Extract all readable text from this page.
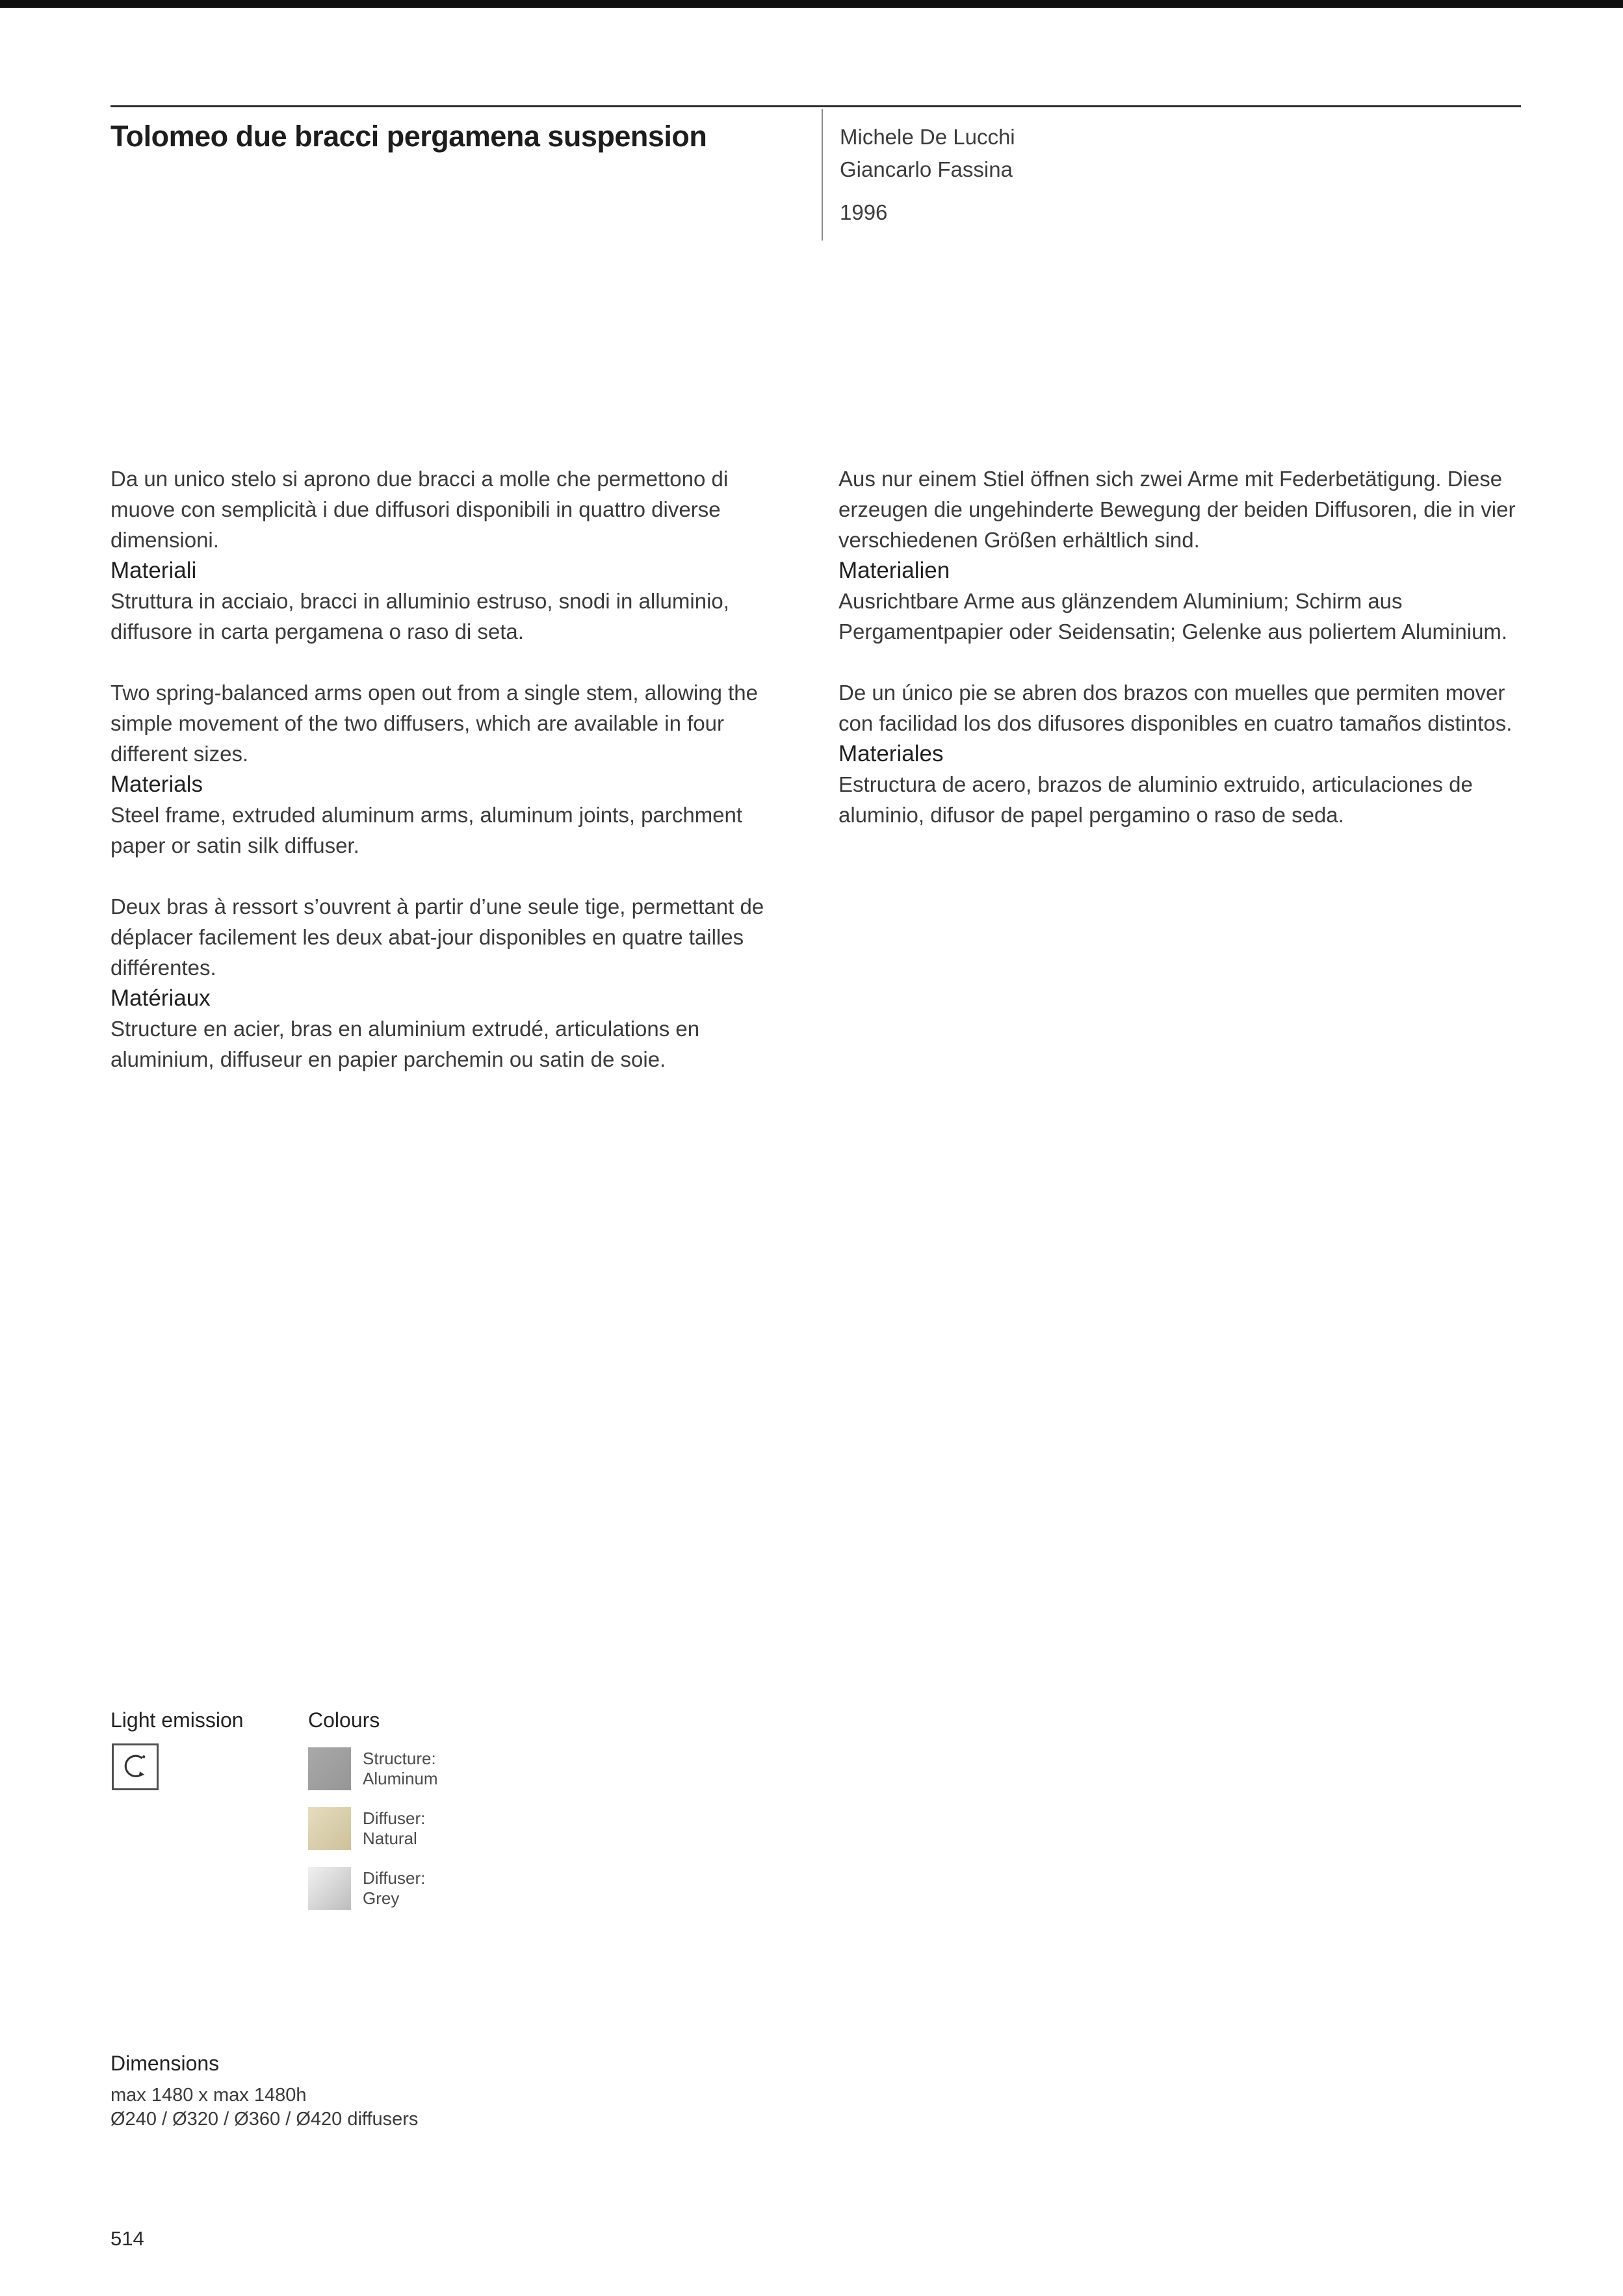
Tolomeo due bracci pergamena suspension	Michele De Lucchi
Giancarlo Fassina
1996

Da un unico stelo si aprono due bracci a molle che permettono di muove con semplicità i due diffusori disponibili in quattro diverse dimensioni.

Materiali

Struttura in acciaio, bracci in alluminio estruso, snodi in alluminio, diffusore in carta pergamena o raso di seta.

Two spring-balanced arms open out from a single stem, allowing the simple movement of the two diffusers, which are available in four different sizes.

Materials

Steel frame, extruded aluminum arms, aluminum joints, parchment paper or satin silk diffuser.

Deux bras à ressort s’ouvrent à partir d’une seule tige, permettant de déplacer facilement les deux abat-jour disponibles en quatre tailles différentes.

Matériaux

Structure en acier, bras en aluminium extrudé, articulations en aluminium, diffuseur en papier parchemin ou satin de soie.

Aus nur einem Stiel öffnen sich zwei Arme mit Federbetätigung. Diese erzeugen die ungehinderte Bewegung der beiden Diffusoren, die in vier verschiedenen Größen erhältlich sind.

Materialien

Ausrichtbare Arme aus glänzendem Aluminium; Schirm aus Pergamentpapier oder Seidensatin; Gelenke aus poliertem Aluminium.

De un único pie se abren dos brazos con muelles que permiten mover con facilidad los dos difusores disponibles en cuatro tamaños distintos.

Materiales

Estructura de acero, brazos de aluminio extruido, articulaciones de aluminio, difusor de papel pergamino o raso de seda.

Light emission	Colours
Structure:
Aluminum
Diffuser:
Natural
Diffuser:
Grey

Dimensions

max 1480 x max 1480h

Ø240 / Ø320 / Ø360 / Ø420 diffusers

514
